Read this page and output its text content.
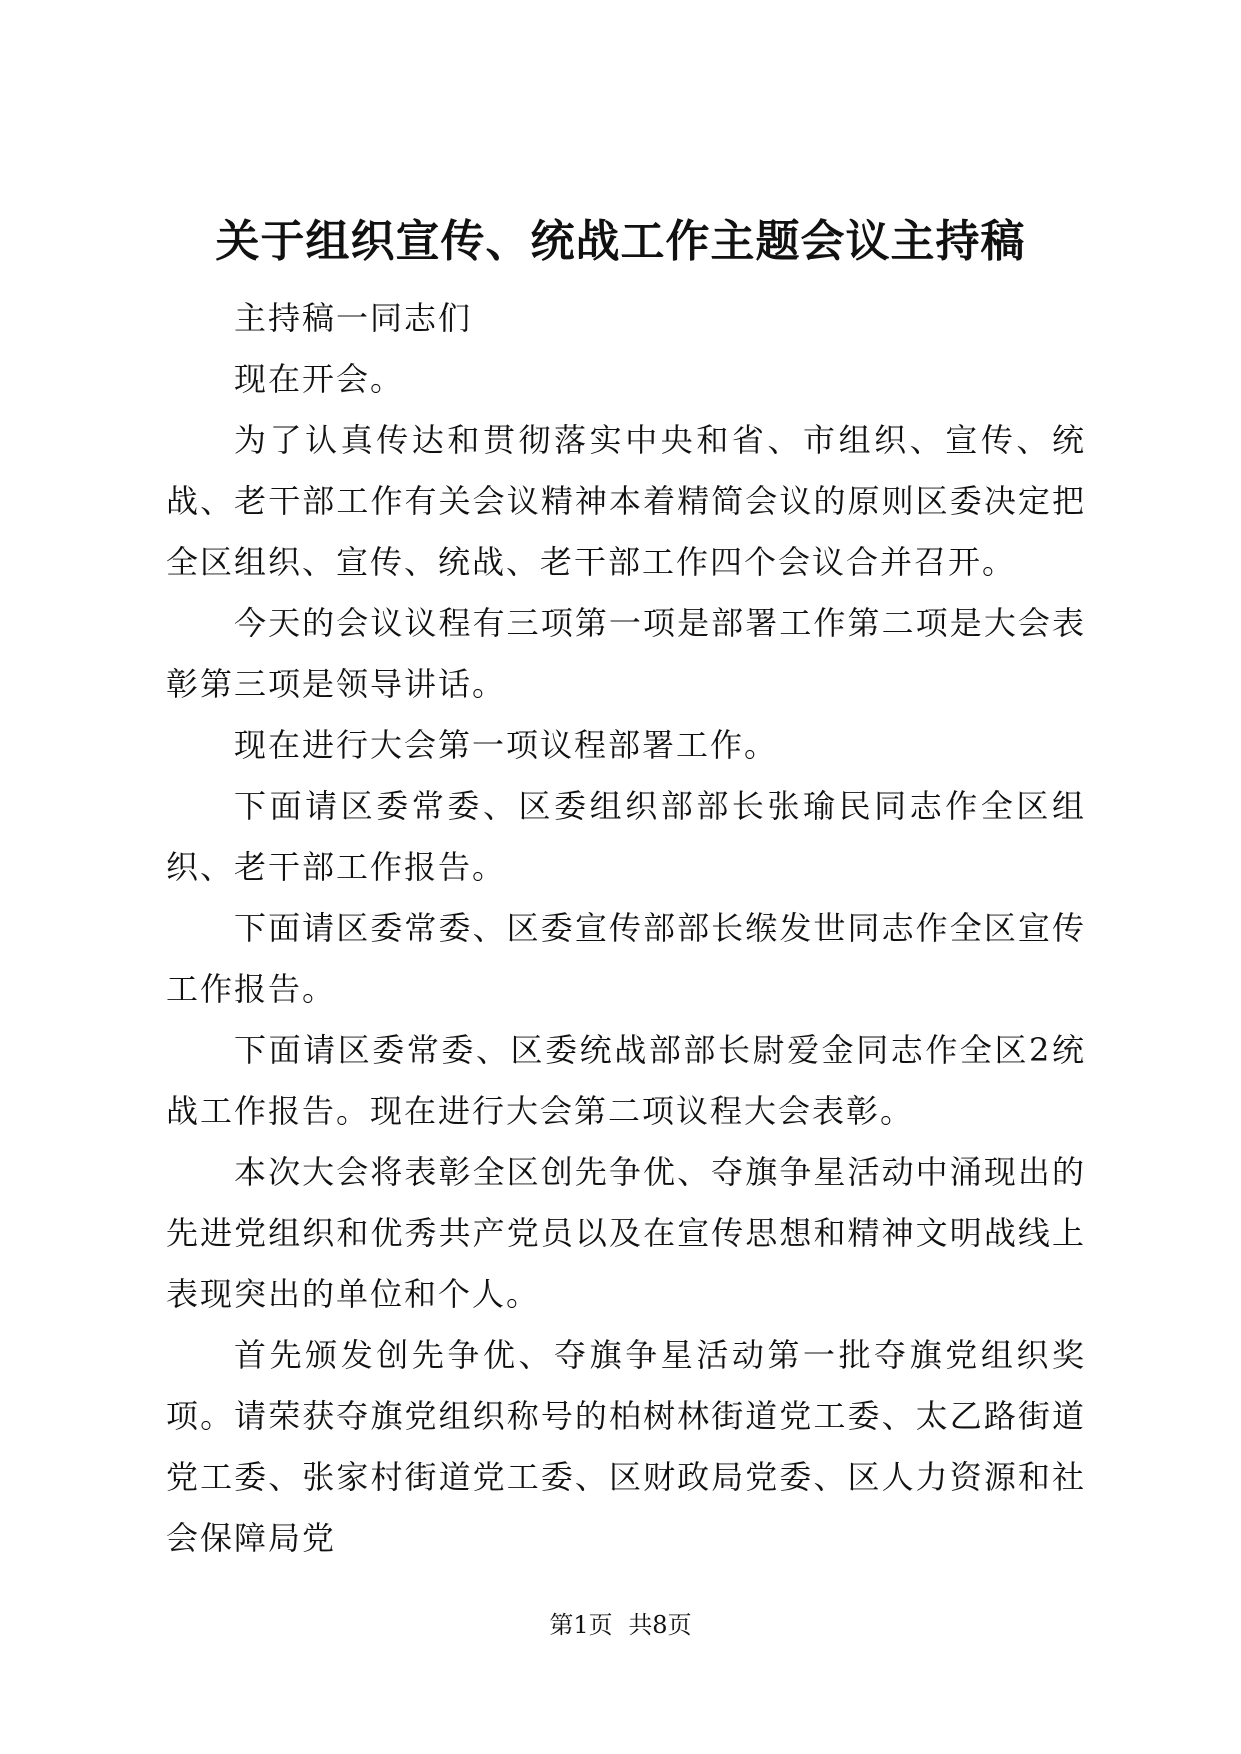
关于组织宣传、统战工作主题会议主持稿

主持稿一同志们

现在开会。

为了认真传达和贯彻落实中央和省、市组织、宣传、统战、老干部工作有关会议精神本着精简会议的原则区委决定把全区组织、宣传、统战、老干部工作四个会议合并召开。

今天的会议议程有三项第一项是部署工作第二项是大会表彰第三项是领导讲话。

现在进行大会第一项议程部署工作。

下面请区委常委、区委组织部部长张瑜民同志作全区组织、老干部工作报告。

下面请区委常委、区委宣传部部长缑发世同志作全区宣传工作报告。

下面请区委常委、区委统战部部长尉爱金同志作全区2统战工作报告。现在进行大会第二项议程大会表彰。

本次大会将表彰全区创先争优、夺旗争星活动中涌现出的先进党组织和优秀共产党员以及在宣传思想和精神文明战线上表现突出的单位和个人。

首先颁发创先争优、夺旗争星活动第一批夺旗党组织奖项。请荣获夺旗党组织称号的柏树林街道党工委、太乙路街道党工委、张家村街道党工委、区财政局党委、区人力资源和社会保障局党

第1页 共8页
